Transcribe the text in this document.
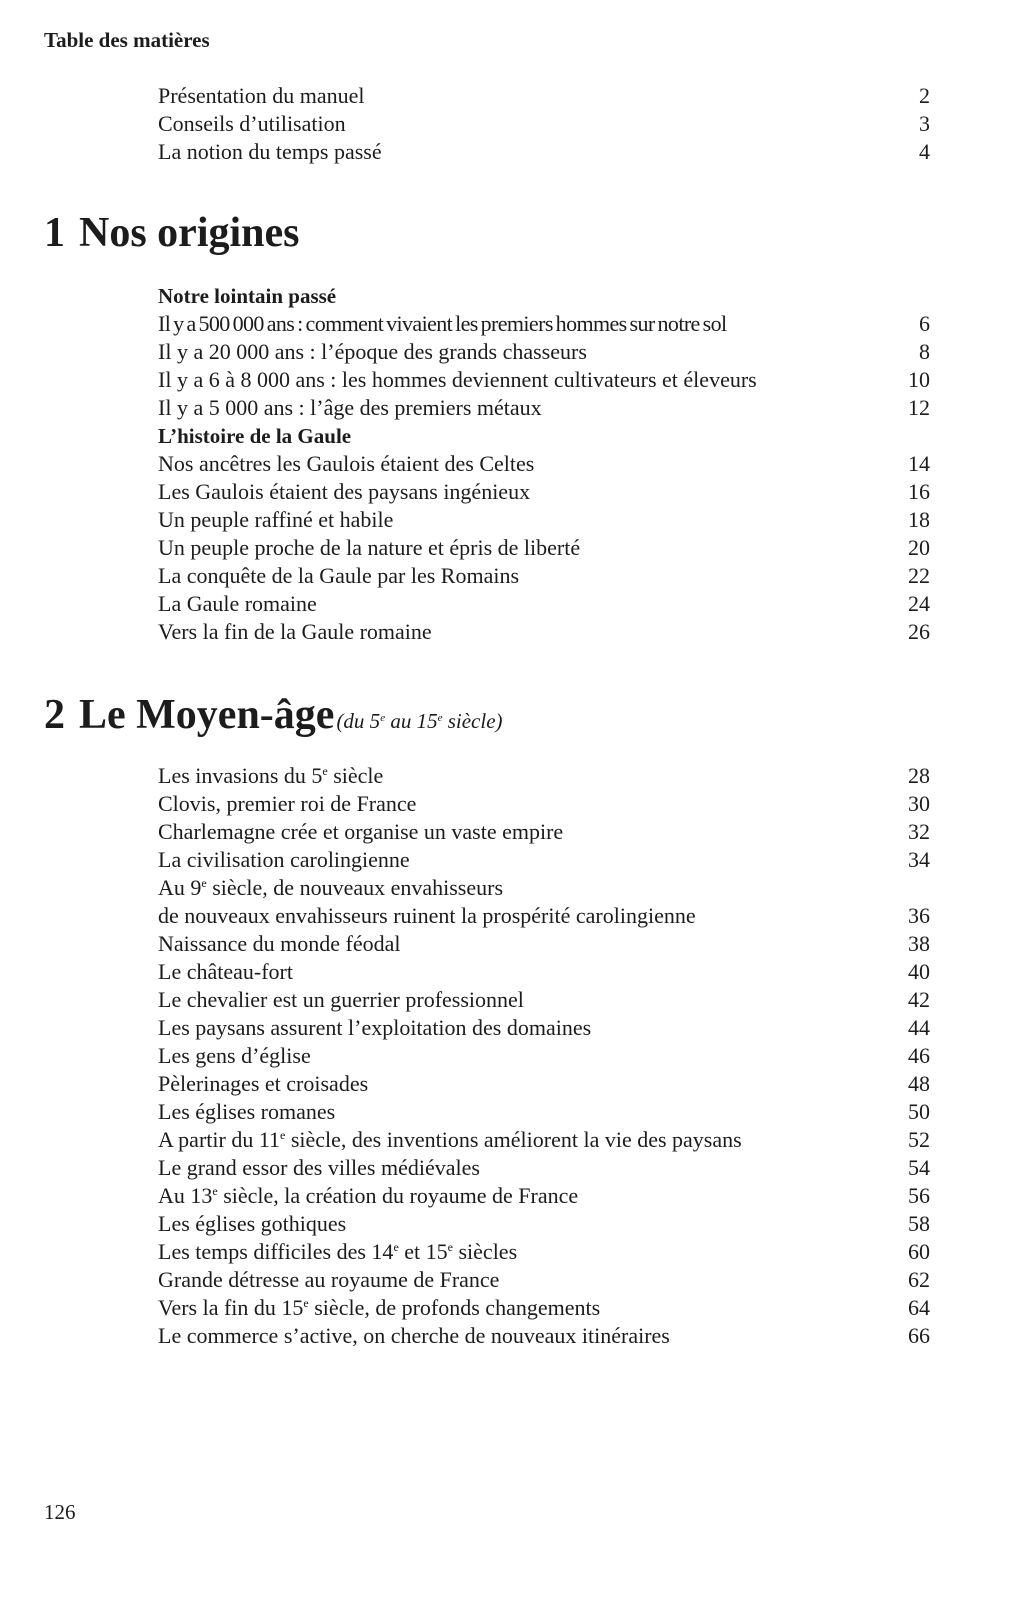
Table des matières
Présentation du manuel	2
Conseils d’utilisation	3
La notion du temps passé	4
1 Nos origines
Notre lointain passé
Il y a 500 000 ans : comment vivaient les premiers hommes sur notre sol	6
Il y a 20 000 ans : l’époque des grands chasseurs	8
Il y a 6 à 8 000 ans : les hommes deviennent cultivateurs et éleveurs	10
Il y a 5 000 ans : l’âge des premiers métaux	12
L’histoire de la Gaule
Nos ancêtres les Gaulois étaient des Celtes	14
Les Gaulois étaient des paysans ingénieux	16
Un peuple raffiné et habile	18
Un peuple proche de la nature et épris de liberté	20
La conquête de la Gaule par les Romains	22
La Gaule romaine	24
Vers la fin de la Gaule romaine	26
2 Le Moyen-âge(du 5e au 15e siècle)
Les invasions du 5e siècle	28
Clovis, premier roi de France	30
Charlemagne crée et organise un vaste empire	32
La civilisation carolingienne	34
Au 9e siècle, de nouveaux envahisseurs
de nouveaux envahisseurs ruinent la prospérité carolingienne	36
Naissance du monde féodal	38
Le château-fort	40
Le chevalier est un guerrier professionnel	42
Les paysans assurent l’exploitation des domaines	44
Les gens d’église	46
Pèlerinages et croisades	48
Les églises romanes	50
A partir du 11e siècle, des inventions améliorent la vie des paysans	52
Le grand essor des villes médiévales	54
Au 13e siècle, la création du royaume de France	56
Les églises gothiques	58
Les temps difficiles des 14e et 15e siècles	60
Grande détresse au royaume de France	62
Vers la fin du 15e siècle, de profonds changements	64
Le commerce s’active, on cherche de nouveaux itinéraires	66
126
